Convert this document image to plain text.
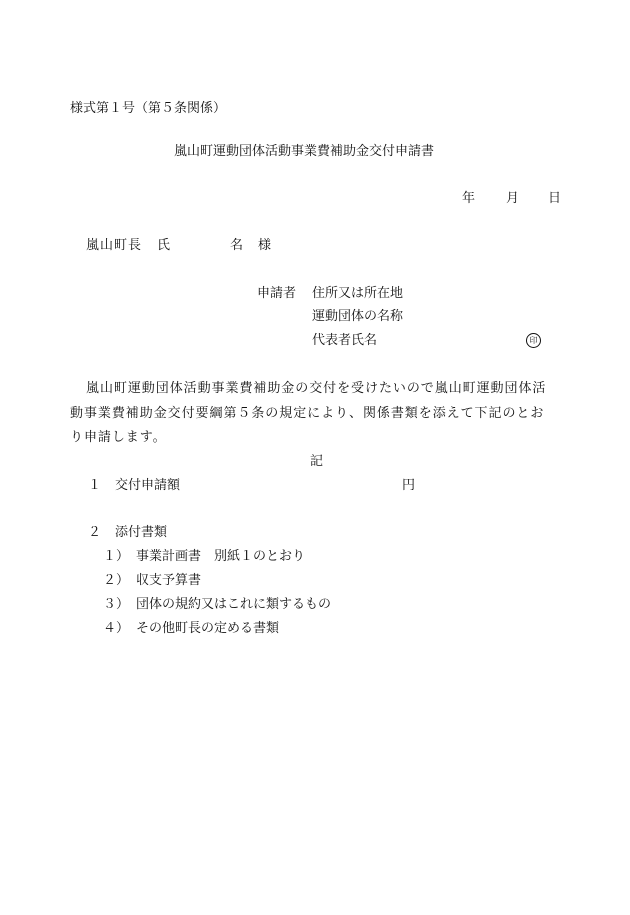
様式第１号（第５条関係）
嵐山町運動団体活動事業費補助金交付申請書
年 月 日
嵐山町長 氏	名 様
申請者 住所又は所在地
運動団体の名称
代表者氏名	印
嵐山町運動団体活動事業費補助金の交付を受けたいので嵐山町運動団体活
動事業費補助金交付要綱第５条の規定により、関係書類を添えて下記のとお
り申請します。
記
１ 交付申請額	円
２ 添付書類
１） 事業計画書　別紙１のとおり
２） 収支予算書
３） 団体の規約又はこれに類するもの
４） その他町長の定める書類
